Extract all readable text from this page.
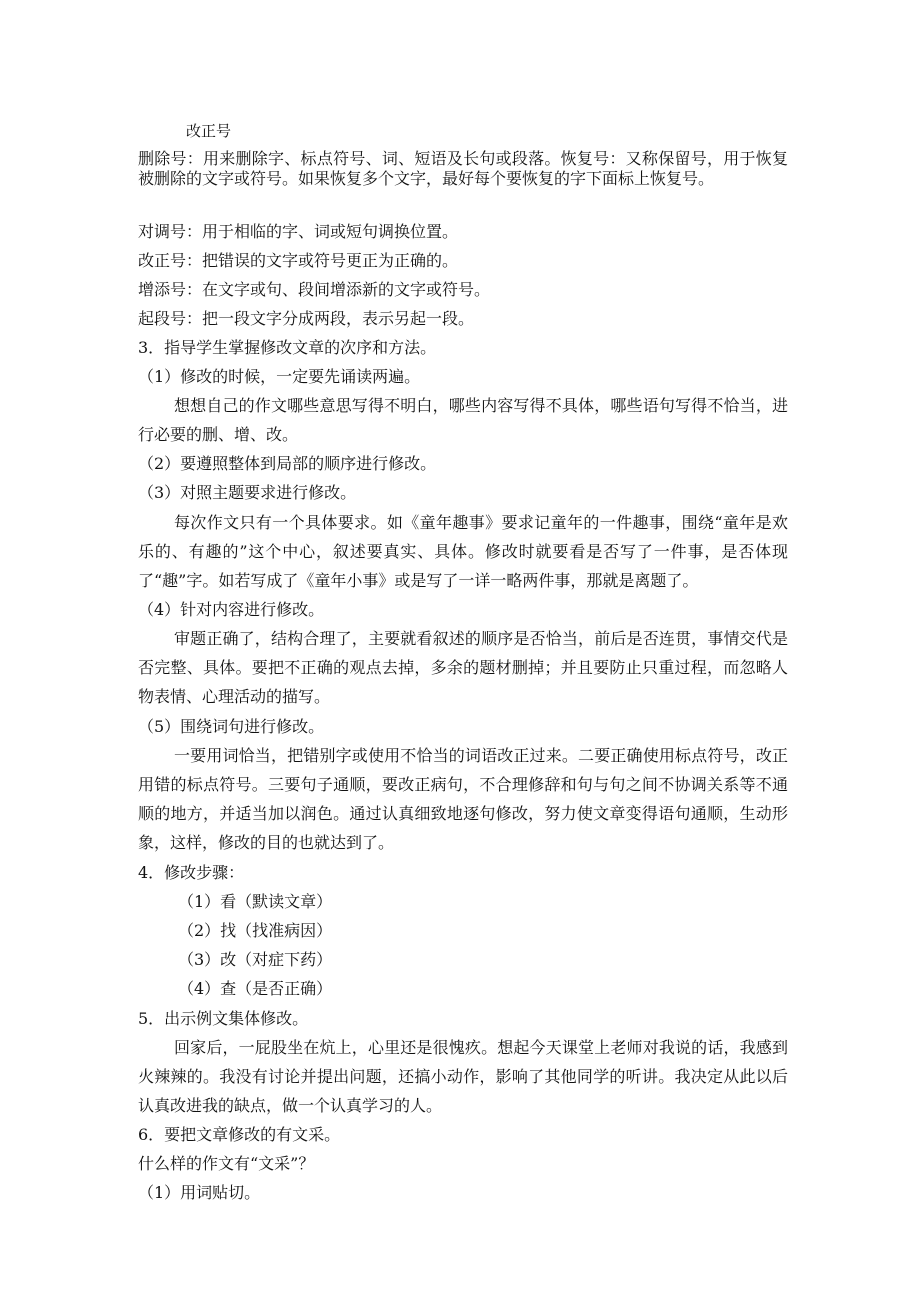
改正号
删除号：用来删除字、标点符号、词、短语及长句或段落。恢复号：又称保留号，用于恢复被删除的文字或符号。如果恢复多个文字，最好每个要恢复的字下面标上恢复号。
对调号：用于相临的字、词或短句调换位置。
改正号：把错误的文字或符号更正为正确的。
增添号：在文字或句、段间增添新的文字或符号。
起段号：把一段文字分成两段，表示另起一段。
3．指导学生掌握修改文章的次序和方法。
（1）修改的时候，一定要先诵读两遍。
想想自己的作文哪些意思写得不明白，哪些内容写得不具体，哪些语句写得不恰当，进行必要的删、增、改。
（2）要遵照整体到局部的顺序进行修改。
（3）对照主题要求进行修改。
每次作文只有一个具体要求。如《童年趣事》要求记童年的一件趣事，围绕“童年是欢乐的、有趣的”这个中心，叙述要真实、具体。修改时就要看是否写了一件事，是否体现了“趣”字。如若写成了《童年小事》或是写了一详一略两件事，那就是离题了。
（4）针对内容进行修改。
审题正确了，结构合理了，主要就看叙述的顺序是否恰当，前后是否连贯，事情交代是否完整、具体。要把不正确的观点去掉，多余的题材删掉；并且要防止只重过程，而忽略人物表情、心理活动的描写。
（5）围绕词句进行修改。
一要用词恰当，把错别字或使用不恰当的词语改正过来。二要正确使用标点符号，改正用错的标点符号。三要句子通顺，要改正病句，不合理修辞和句与句之间不协调关系等不通顺的地方，并适当加以润色。通过认真细致地逐句修改，努力使文章变得语句通顺，生动形象，这样，修改的目的也就达到了。
4．修改步骤：
（1）看（默读文章）
（2）找（找准病因）
（3）改（对症下药）
（4）查（是否正确）
5．出示例文集体修改。
回家后，一屁股坐在炕上，心里还是很愧疚。想起今天课堂上老师对我说的话，我感到火辣辣的。我没有讨论并提出问题，还搞小动作，影响了其他同学的听讲。我决定从此以后认真改进我的缺点，做一个认真学习的人。
6．要把文章修改的有文采。
什么样的作文有“文采”？
（1）用词贴切。
